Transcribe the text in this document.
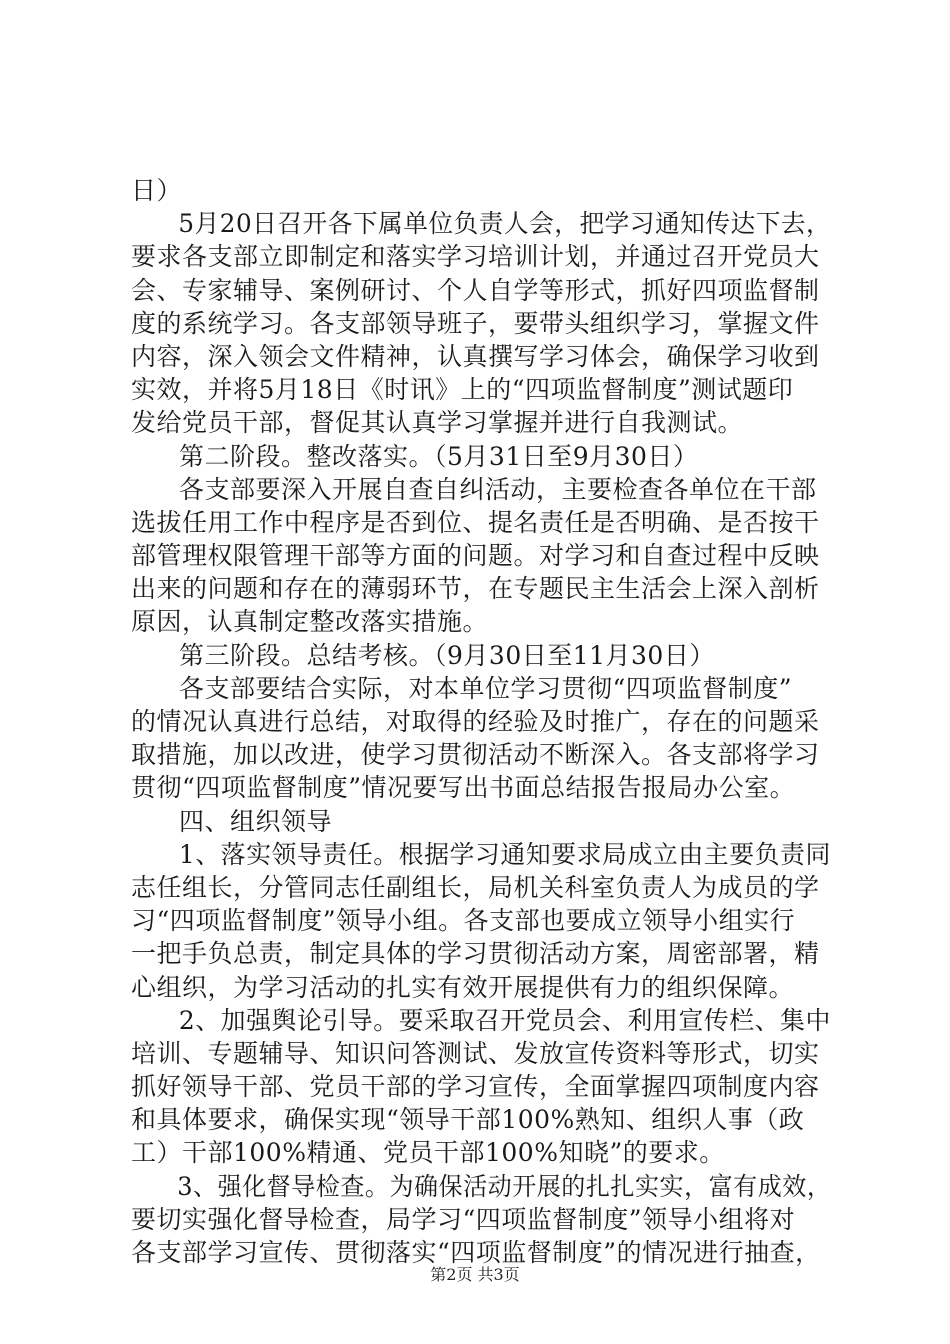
日）
5月20日召开各下属单位负责人会，把学习通知传达下去，
要求各支部立即制定和落实学习培训计划，并通过召开党员大
会、专家辅导、案例研讨、个人自学等形式，抓好四项监督制
度的系统学习。各支部领导班子，要带头组织学习，掌握文件
内容，深入领会文件精神，认真撰写学习体会，确保学习收到
实效，并将5月18日《时讯》上的“四项监督制度”测试题印
发给党员干部，督促其认真学习掌握并进行自我测试。
第二阶段。整改落实。（5月31日至9月30日）
各支部要深入开展自查自纠活动，主要检查各单位在干部
选拔任用工作中程序是否到位、提名责任是否明确、是否按干
部管理权限管理干部等方面的问题。对学习和自查过程中反映
出来的问题和存在的薄弱环节，在专题民主生活会上深入剖析
原因，认真制定整改落实措施。
第三阶段。总结考核。（9月30日至11月30日）
各支部要结合实际，对本单位学习贯彻“四项监督制度”
的情况认真进行总结，对取得的经验及时推广，存在的问题采
取措施，加以改进，使学习贯彻活动不断深入。各支部将学习
贯彻“四项监督制度”情况要写出书面总结报告报局办公室。
四、组织领导
1、落实领导责任。根据学习通知要求局成立由主要负责同
志任组长，分管同志任副组长，局机关科室负责人为成员的学
习“四项监督制度”领导小组。各支部也要成立领导小组实行
一把手负总责，制定具体的学习贯彻活动方案，周密部署，精
心组织，为学习活动的扎实有效开展提供有力的组织保障。
2、加强舆论引导。要采取召开党员会、利用宣传栏、集中
培训、专题辅导、知识问答测试、发放宣传资料等形式，切实
抓好领导干部、党员干部的学习宣传，全面掌握四项制度内容
和具体要求，确保实现“领导干部100%熟知、组织人事（政
工）干部100%精通、党员干部100%知晓”的要求。
3、强化督导检查。为确保活动开展的扎扎实实，富有成效，
要切实强化督导检查，局学习“四项监督制度”领导小组将对
各支部学习宣传、贯彻落实“四项监督制度”的情况进行抽查，
第2页 共3页
